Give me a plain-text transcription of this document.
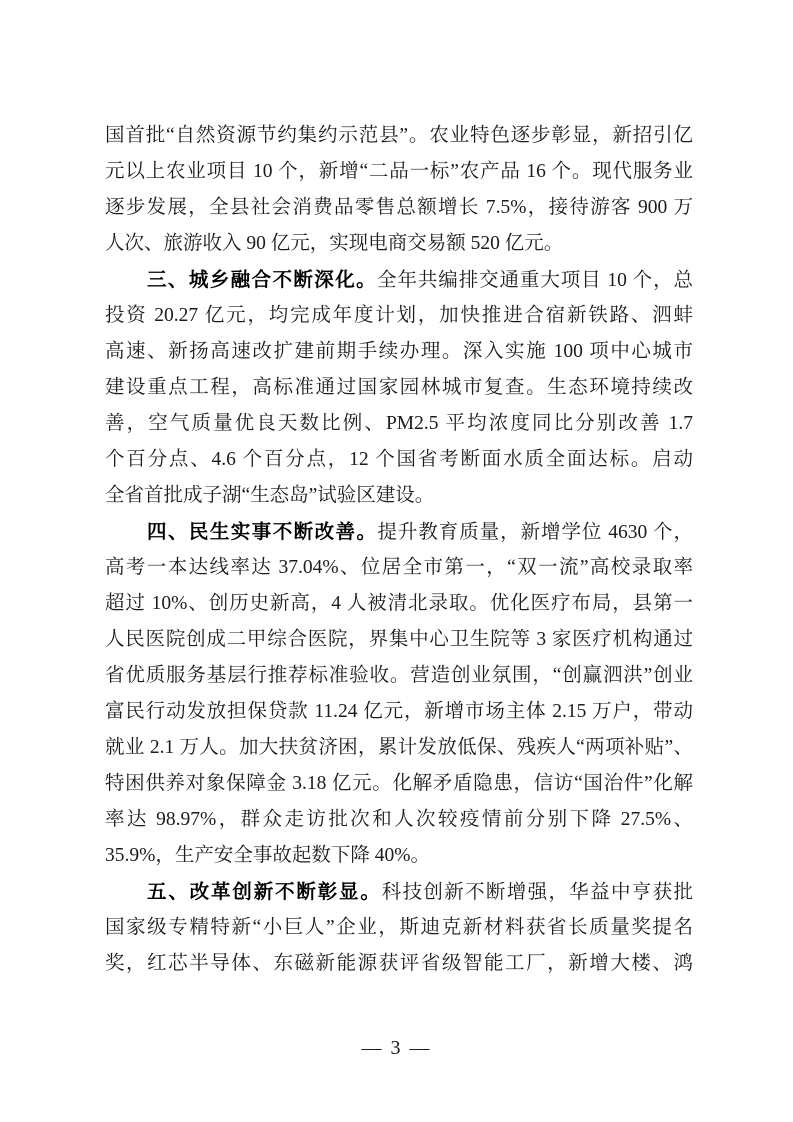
国首批“自然资源节约集约示范县”。农业特色逐步彰显，新招引亿
元以上农业项目 10 个，新增“二品一标”农产品 16 个。现代服务业
逐步发展，全县社会消费品零售总额增长 7.5%，接待游客 900 万
人次、旅游收入 90 亿元，实现电商交易额 520 亿元。
三、城乡融合不断深化。全年共编排交通重大项目 10 个，总
投资 20.27 亿元，均完成年度计划，加快推进合宿新铁路、泗蚌
高速、新扬高速改扩建前期手续办理。深入实施 100 项中心城市
建设重点工程，高标准通过国家园林城市复查。生态环境持续改
善，空气质量优良天数比例、PM2.5 平均浓度同比分别改善 1.7
个百分点、4.6 个百分点，12 个国省考断面水质全面达标。启动
全省首批成子湖“生态岛”试验区建设。
四、民生实事不断改善。提升教育质量，新增学位 4630 个，
高考一本达线率达 37.04%、位居全市第一，“双一流”高校录取率
超过 10%、创历史新高，4 人被清北录取。优化医疗布局，县第一
人民医院创成二甲综合医院，界集中心卫生院等 3 家医疗机构通过
省优质服务基层行推荐标准验收。营造创业氛围，“创赢泗洪”创业
富民行动发放担保贷款 11.24 亿元，新增市场主体 2.15 万户，带动
就业 2.1 万人。加大扶贫济困，累计发放低保、残疾人“两项补贴”、
特困供养对象保障金 3.18 亿元。化解矛盾隐患，信访“国治件”化解
率达 98.97%，群众走访批次和人次较疫情前分别下降 27.5%、
35.9%，生产安全事故起数下降 40%。
五、改革创新不断彰显。科技创新不断增强，华益中亨获批
国家级专精特新“小巨人”企业，斯迪克新材料获省长质量奖提名
奖，红芯半导体、东磁新能源获评省级智能工厂，新增大楼、鸿
— 3 —
